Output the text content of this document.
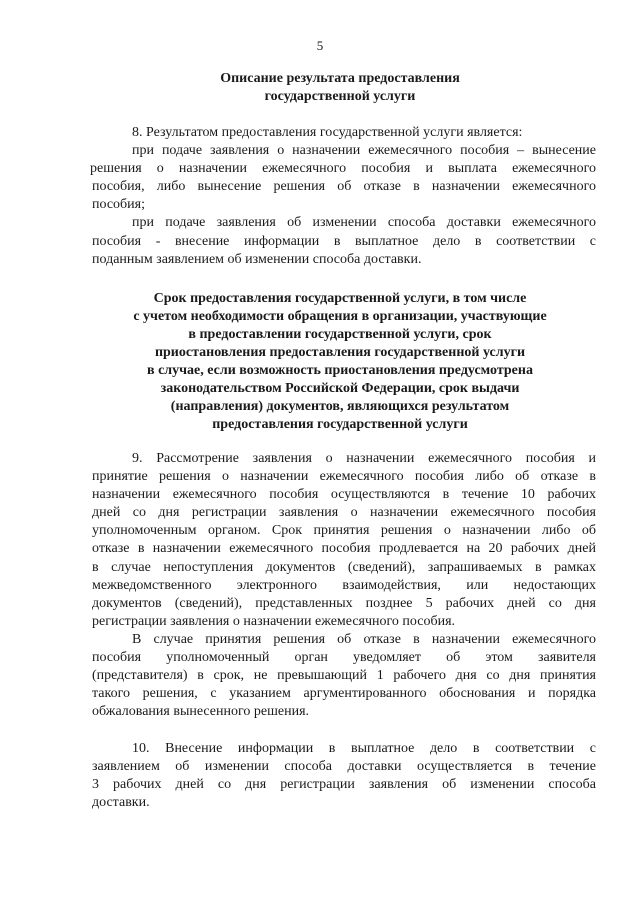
5
Описание результата предоставления
государственной услуги
8. Результатом предоставления государственной услуги является:
при подаче заявления о назначении ежемесячного пособия – вынесение
решения о назначении ежемесячного пособия и выплата ежемесячного
пособия, либо вынесение решения об отказе в назначении ежемесячного
пособия;
при подаче заявления об изменении способа доставки ежемесячного
пособия - внесение информации в выплатное дело в соответствии с
поданным заявлением об изменении способа доставки.
Срок предоставления государственной услуги, в том числе
с учетом необходимости обращения в организации, участвующие
в предоставлении государственной услуги, срок
приостановления предоставления государственной услуги
в случае, если возможность приостановления предусмотрена
законодательством Российской Федерации, срок выдачи
(направления) документов, являющихся результатом
предоставления государственной услуги
9. Рассмотрение заявления о назначении ежемесячного пособия и
принятие решения о назначении ежемесячного пособия либо об отказе в
назначении ежемесячного пособия осуществляются в течение 10 рабочих
дней со дня регистрации заявления о назначении ежемесячного пособия
уполномоченным органом. Срок принятия решения о назначении либо об
отказе в назначении ежемесячного пособия продлевается на 20 рабочих дней
в случае непоступления документов (сведений), запрашиваемых в рамках
межведомственного электронного взаимодействия, или недостающих
документов (сведений), представленных позднее 5 рабочих дней со дня
регистрации заявления о назначении ежемесячного пособия.
В случае принятия решения об отказе в назначении ежемесячного
пособия уполномоченный орган уведомляет об этом заявителя
(представителя) в срок, не превышающий 1 рабочего дня со дня принятия
такого решения, с указанием аргументированного обоснования и порядка
обжалования вынесенного решения.
10. Внесение информации в выплатное дело в соответствии с
заявлением об изменении способа доставки осуществляется в течение
3 рабочих дней со дня регистрации заявления об изменении способа
доставки.
